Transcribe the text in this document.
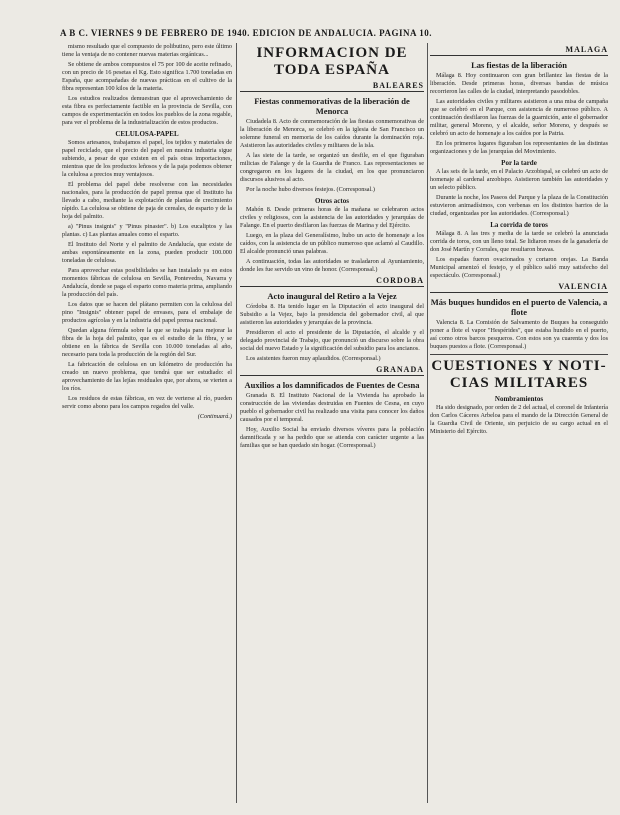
A B C. VIERNES 9 DE FEBRERO DE 1940. EDICION DE ANDALUCIA. PAGINA 10.

mismo resultado que el compuesto de polibutino, pero este último tiene la ventaja de no contener nuevas materias orgánicas...

Se obtiene de ambos compuestos el 75 por 100 de aceite refinado, con un precio de 16 pesetas el Kg. Esto significa 1.700 toneladas en España, que acompañadas de nuevas prácticas en el cultivo de la fibra representan 100 kilos de la materia.

Los estudios realizados demuestran que el aprovechamiento de esta fibra es perfectamente factible en la provincia de Sevilla, con campos de experimentación en todos los pueblos de la zona regable, para ver el problema de la industrialización de estos productos.

CELULOSA-PAPEL

Somos artesanos, trabajamos el papel, los tejidos y materiales de papel reciclado, que el precio del papel en nuestra industria sigue subiendo, a pesar de que existen en el país otras importaciones, mientras que de los productos leñosos y de la paja podemos obtener la celulosa a precios muy ventajosos.

El problema del papel debe resolverse con las necesidades nacionales, para la producción de papel prensa que el Instituto ha llevado a cabo, mediante la explotación de plantas de crecimiento rápido. La celulosa se obtiene de paja de cereales, de esparto y de la hoja del palmito.

a) "Pinus insignis" y "Pinus pinaster". b) Los eucaliptos y las plantas. c) Las plantas anuales como el esparto.

El Instituto del Norte y el palmito de Andalucía, que existe de ambas espontáneamente en la zona, pueden producir 100.000 toneladas de celulosa.

Para aprovechar estas posibilidades se han instalado ya en estos momentos fábricas de celulosa en Sevilla, Pontevedra, Navarra y Andalucía, donde se paga el esparto como materia prima, ampliando la producción del país.

Los datos que se hacen del plátano permiten con la celulosa del pino "Insignis" obtener papel de envases, para el embalaje de productos agrícolas y en la industria del papel prensa nacional.

Quedan alguna fórmula sobre la que se trabaja para mejorar la fibra de la hoja del palmito, que es el estudio de la fibra, y se obtiene en la fábrica de Sevilla con 10.000 toneladas al año, necesario para toda la producción de la región del Sur.

La fabricación de celulosa en un kilómetro de producción ha creado un nuevo problema, que tendrá que ser estudiado: el aprovechamiento de las lejías residuales que, por ahora, se vierten a los ríos.

Los residuos de estas fábricas, en vez de verterse al río, pueden servir como abono para los campos regados del valle.

(Continuará.)

INFORMACION DE
TODA ESPAÑA
BALEARES
Fiestas conmemorativas de la liberación de Menorca

Ciudadela 8. Acto de conmemoración de las fiestas conmemorativas de la liberación de Menorca, se celebró en la iglesia de San Francisco un solemne funeral en memoria de los caídos durante la dominación roja. Asistieron las autoridades civiles y militares de la isla.

A las siete de la tarde, se organizó un desfile, en el que figuraban milicias de Falange y de la Guardia de Franco. Las representaciones se congregaron en los lugares de la ciudad, en los que pronunciaron discursos alusivos al acto.

Por la noche hubo diversos festejos. (Corresponsal.)

Otros actos

Mahón 8. Desde primeras horas de la mañana se celebraron actos civiles y religiosos, con la asistencia de las autoridades y jerarquías de Falange. En el puerto desfilaron las fuerzas de Marina y del Ejército.

Luego, en la plaza del Generalísimo, hubo un acto de homenaje a los caídos, con la asistencia de un público numeroso que aclamó al Caudillo. El alcalde pronunció unas palabras.

A continuación, todas las autoridades se trasladaron al Ayuntamiento, donde les fue servido un vino de honor. (Corresponsal.)

CORDOBA
Acto inaugural del Retiro a la Vejez

Córdoba 8. Ha tenido lugar en la Diputación el acto inaugural del Subsidio a la Vejez, bajo la presidencia del gobernador civil, al que asistieron las autoridades y jerarquías de la provincia.

Presidieron el acto el presidente de la Diputación, el alcalde y el delegado provincial de Trabajo, que pronunció un discurso sobre la obra social del nuevo Estado y la significación del subsidio para los ancianos.

Los asistentes fueron muy aplaudidos. (Corresponsal.)

GRANADA
Auxilios a los damnificados de Fuentes de Cesna

Granada 8. El Instituto Nacional de la Vivienda ha aprobado la construcción de las viviendas destruidas en Fuentes de Cesna, en cuyo pueblo el gobernador civil ha realizado una visita para conocer los daños causados por el temporal.

Hoy, Auxilio Social ha enviado diversos víveres para la población damnificada y se ha pedido que se atienda con carácter urgente a las familias que se han quedado sin hogar. (Corresponsal.)

MALAGA
Las fiestas de la liberación

Málaga 8. Hoy continuaron con gran brillantez las fiestas de la liberación. Desde primeras horas, diversas bandas de música recorrieron las calles de la ciudad, interpretando pasodobles.

Las autoridades civiles y militares asistieron a una misa de campaña que se celebró en el Parque, con asistencia de numeroso público. A continuación desfilaron las fuerzas de la guarnición, ante el gobernador militar, general Moreno, y el alcalde, señor Moreno, y después se celebró un acto de homenaje a los caídos por la Patria.

En los primeros lugares figuraban los representantes de las distintas organizaciones y de las jerarquías del Movimiento.

Por la tarde

A las seis de la tarde, en el Palacio Arzobispal, se celebró un acto de homenaje al cardenal arzobispo. Asistieron también las autoridades y un selecto público.

Durante la noche, los Paseos del Parque y la plaza de la Constitución estuvieron animadísimos, con verbenas en los distintos barrios de la ciudad, organizadas por las autoridades. (Corresponsal.)

La corrida de toros

Málaga 8. A las tres y media de la tarde se celebró la anunciada corrida de toros, con un lleno total. Se lidiaron reses de la ganadería de don José Martín y Corrales, que resultaron bravas.

Los espadas fueron ovacionados y cortaron orejas. La Banda Municipal amenizó el festejo, y el público salió muy satisfecho del espectáculo. (Corresponsal.)

VALENCIA
Más buques hundidos en el puerto de Valencia, a flote

Valencia 8. La Comisión de Salvamento de Buques ha conseguido poner a flote el vapor "Hespérides", que estaba hundido en el puerto, así como otros barcos pesqueros. Con estos son ya cuarenta y dos los buques puestos a flote. (Corresponsal.)

CUESTIONES Y NOTI-
CIAS MILITARES
Nombramientos

Ha sido designado, por orden de 2 del actual, el coronel de Infantería don Carlos Cáceres Arbeloa para el mando de la Dirección General de la Guardia Civil de Oriente, sin perjuicio de su cargo actual en el Ministerio del Ejército.
